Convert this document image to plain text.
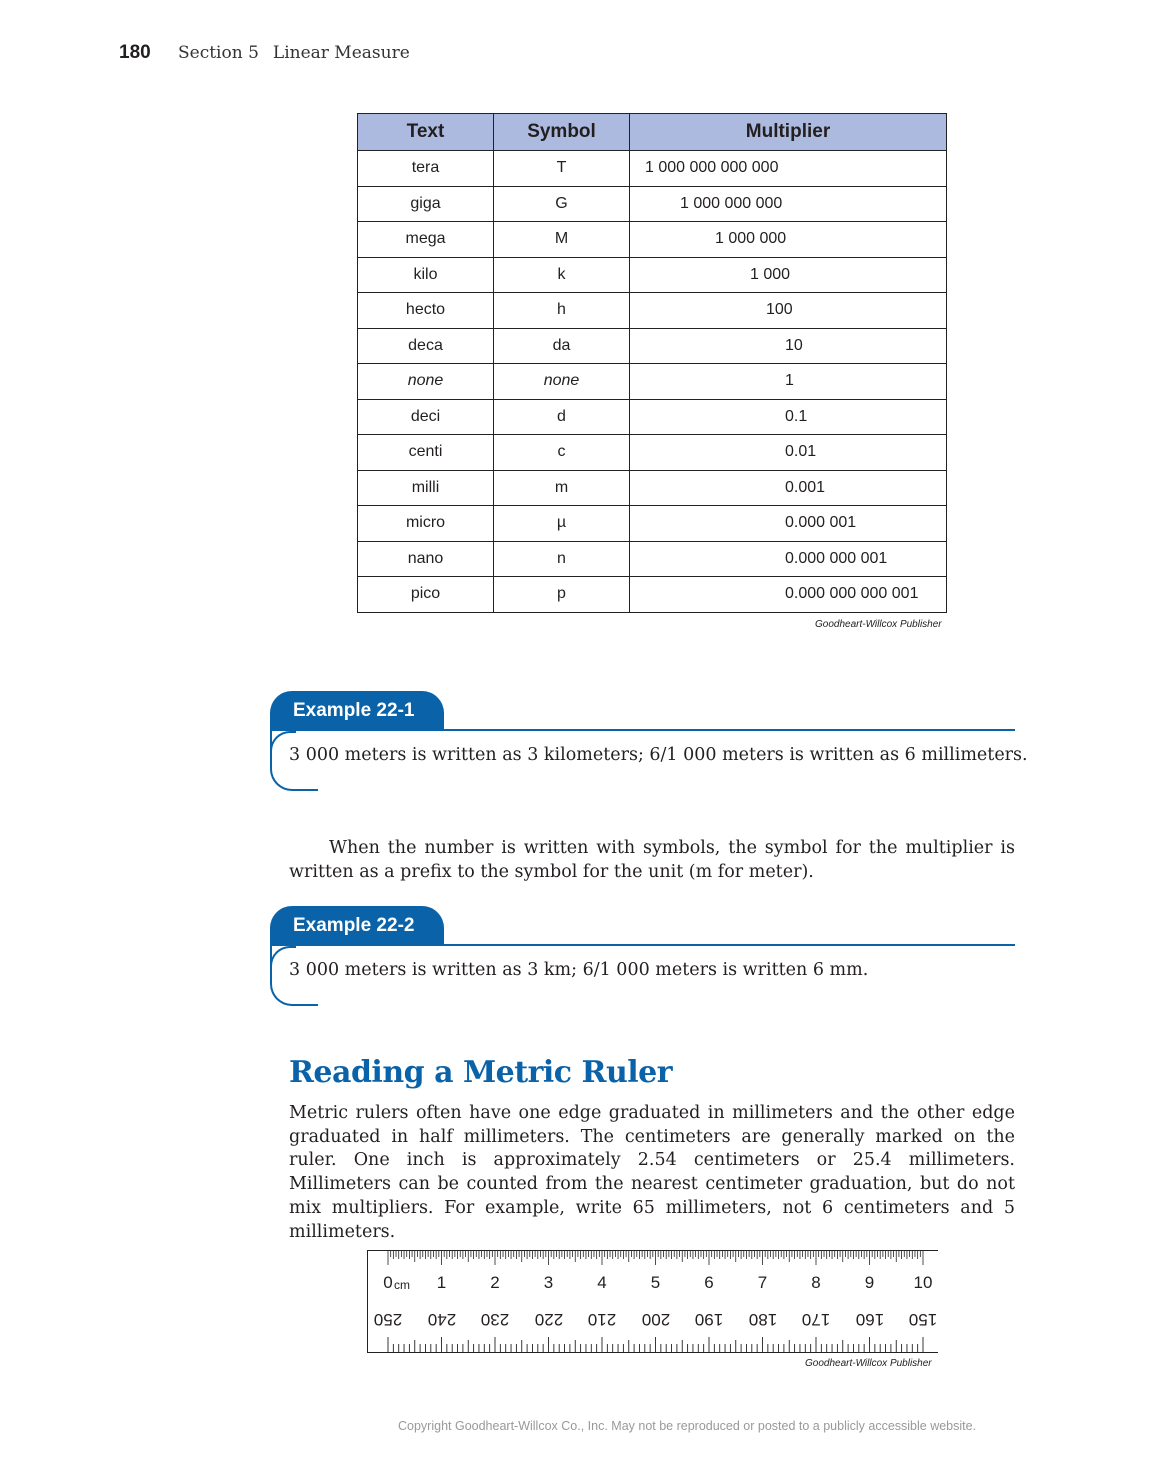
180 Section 5 Linear Measure
Text	Symbol	Multiplier
tera	T	1 000 000 000 000

giga	G	1 000 000 000

mega	M	1 000 000

kilo	k	1 000

hecto	h	100

deca	da	10

none	none	1

deci	d	0.1

centi	c	0.01

milli	m	0.001

micro	µ	0.000 001

nano	n	0.000 000 001

pico	p	0.000 000 000 001
Goodheart-Willcox Publisher
Example 22-1
3 000 meters is written as 3 kilometers; 6/1 000 meters is written as 6 millimeters.

When the number is written with symbols, the symbol for the multiplier is written as a prefix to the symbol for the unit (m for meter).

Example 22-2
3 000 meters is written as 3 km; 6/1 000 meters is written 6 mm.
Reading a Metric Ruler

Metric rulers often have one edge graduated in millimeters and the other edge graduated in half millimeters. The centimeters are generally marked on the ruler. One inch is approximately 2.54 centimeters or 25.4 millimeters. Millimeters can be counted from the nearest centimeter graduation, but do not mix multipliers. For example, write 65 millimeters, not 6 centimeters and 5 millimeters.

0 cm 1	2	3	4	5	6	7	8	9 10
250 240 230 220 210 200 190 180 170 160 150
Goodheart-Willcox Publisher
Copyright Goodheart-Willcox Co., Inc. May not be reproduced or posted to a publicly accessible website.
